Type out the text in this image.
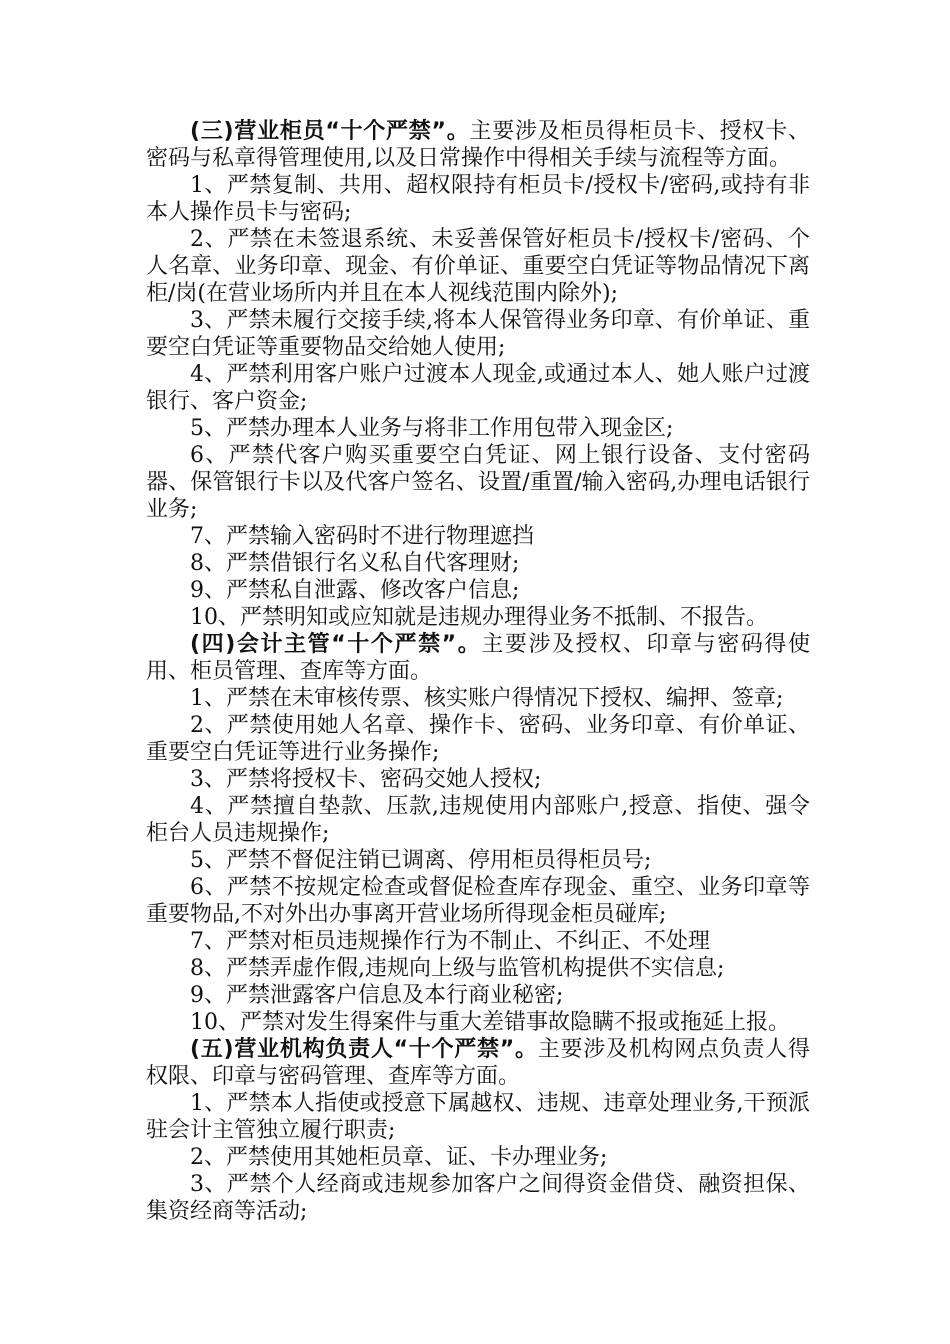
(三)营业柜员“十个严禁”。主要涉及柜员得柜员卡、授权卡、密码与私章得管理使用,以及日常操作中得相关手续与流程等方面。

1、严禁复制、共用、超权限持有柜员卡/授权卡/密码,或持有非本人操作员卡与密码;

2、严禁在未签退系统、未妥善保管好柜员卡/授权卡/密码、个人名章、业务印章、现金、有价单证、重要空白凭证等物品情况下离柜/岗(在营业场所内并且在本人视线范围内除外);

3、严禁未履行交接手续,将本人保管得业务印章、有价单证、重要空白凭证等重要物品交给她人使用;

4、严禁利用客户账户过渡本人现金,或通过本人、她人账户过渡银行、客户资金;

5、严禁办理本人业务与将非工作用包带入现金区;

6、严禁代客户购买重要空白凭证、网上银行设备、支付密码器、保管银行卡以及代客户签名、设置/重置/输入密码,办理电话银行业务;

7、严禁输入密码时不进行物理遮挡

8、严禁借银行名义私自代客理财;

9、严禁私自泄露、修改客户信息;

10、严禁明知或应知就是违规办理得业务不抵制、不报告。

(四)会计主管“十个严禁”。主要涉及授权、印章与密码得使用、柜员管理、查库等方面。

1、严禁在未审核传票、核实账户得情况下授权、编押、签章;

2、严禁使用她人名章、操作卡、密码、业务印章、有价单证、重要空白凭证等进行业务操作;

3、严禁将授权卡、密码交她人授权;

4、严禁擅自垫款、压款,违规使用内部账户,授意、指使、强令柜台人员违规操作;

5、严禁不督促注销已调离、停用柜员得柜员号;

6、严禁不按规定检查或督促检查库存现金、重空、业务印章等重要物品,不对外出办事离开营业场所得现金柜员碰库;

7、严禁对柜员违规操作行为不制止、不纠正、不处理

8、严禁弄虚作假,违规向上级与监管机构提供不实信息;

9、严禁泄露客户信息及本行商业秘密;

10、严禁对发生得案件与重大差错事故隐瞒不报或拖延上报。

(五)营业机构负责人“十个严禁”。主要涉及机构网点负责人得权限、印章与密码管理、查库等方面。

1、严禁本人指使或授意下属越权、违规、违章处理业务,干预派驻会计主管独立履行职责;

2、严禁使用其她柜员章、证、卡办理业务;

3、严禁个人经商或违规参加客户之间得资金借贷、融资担保、集资经商等活动;
